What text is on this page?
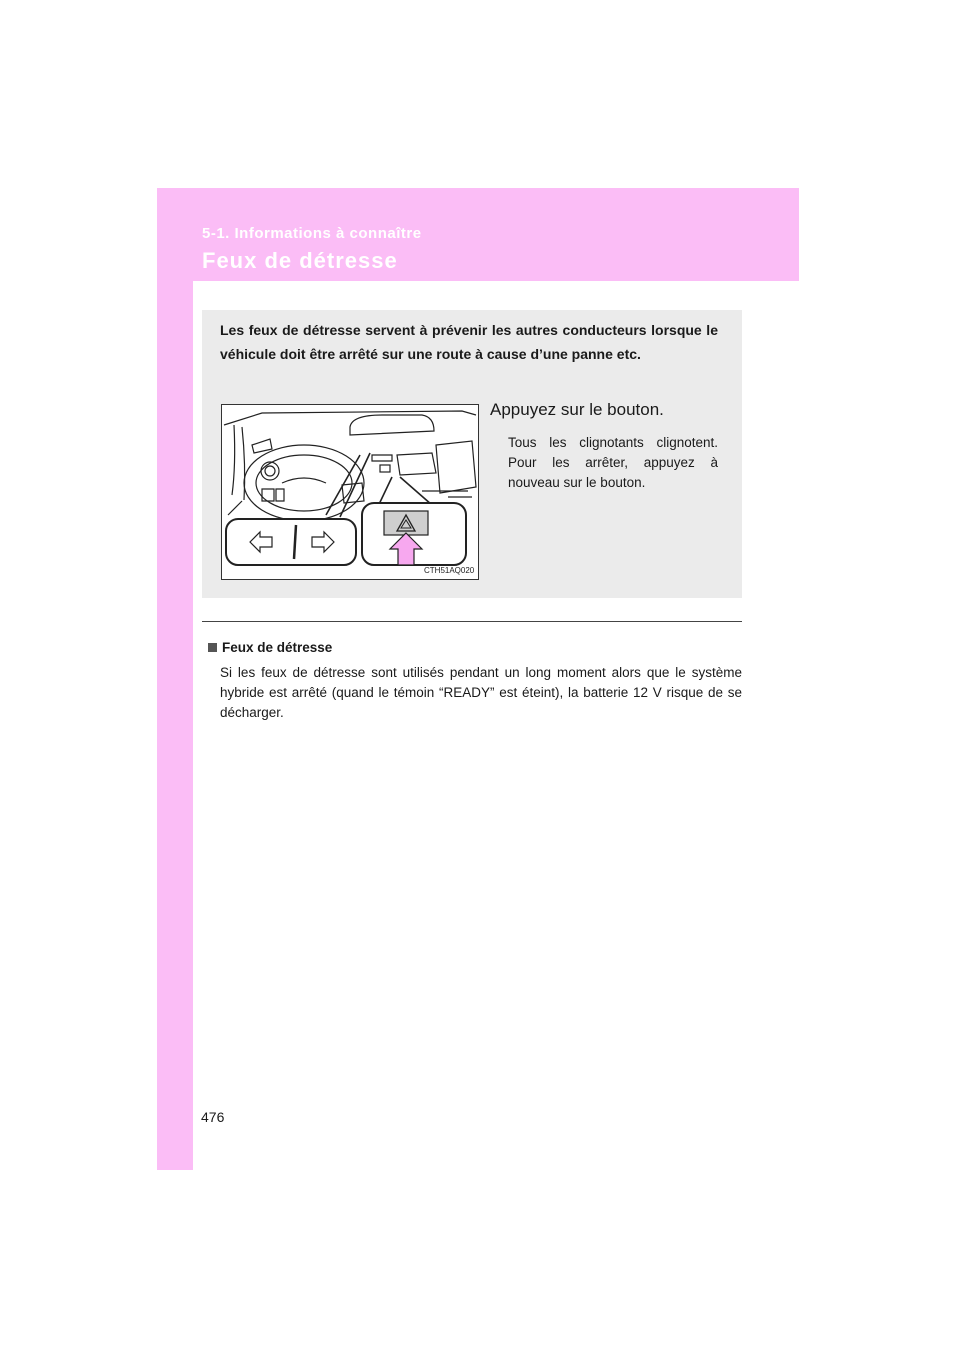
5-1. Informations à connaître
Feux de détresse
Les feux de détresse servent à prévenir les autres conducteurs lorsque le véhicule doit être arrêté sur une route à cause d’une panne etc.
CTH51AQ020
Appuyez sur le bouton.
Tous les clignotants clignotent. Pour les arrêter, appuyez à nouveau sur le bouton.
Feux de détresse
Si les feux de détresse sont utilisés pendant un long moment alors que le système hybride est arrêté (quand le témoin “READY” est éteint), la batterie 12 V risque de se décharger.
476
